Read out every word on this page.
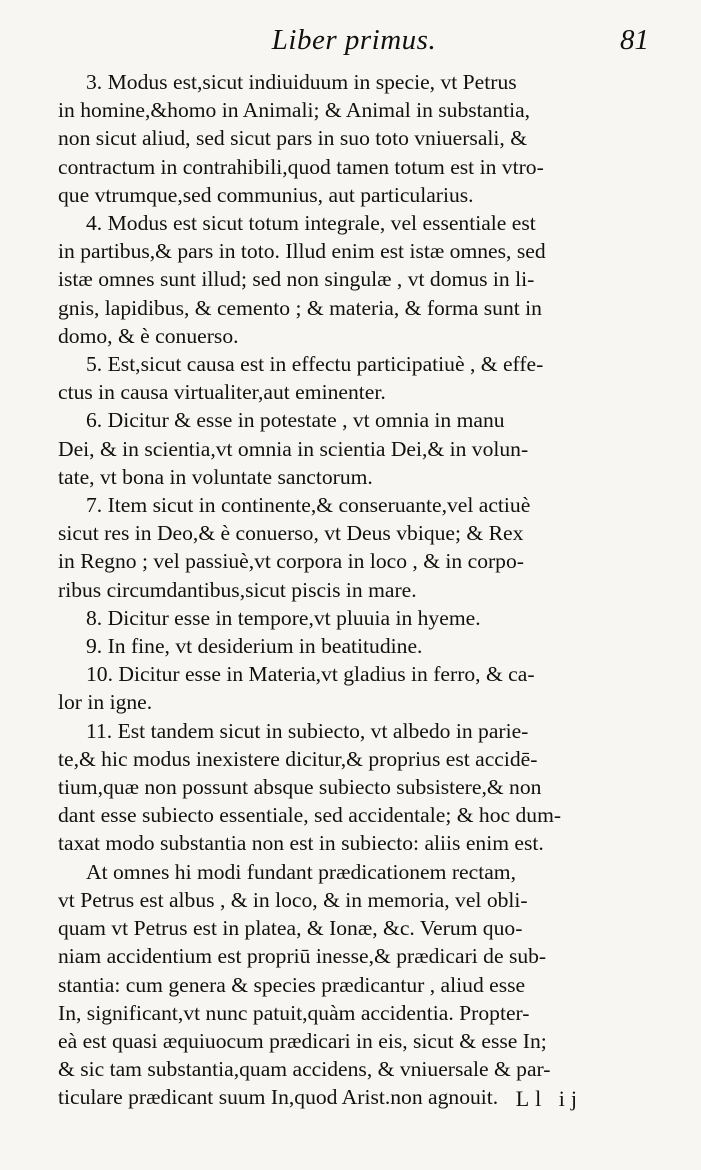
Liber primus.	81
3. Modus est,sicut indiuiduum in specie, vt Petrus
in homine,&homo in Animali; & Animal in substantia,
non sicut aliud, sed sicut pars in suo toto vniuersali, &
contractum in contrahibili,quod tamen totum est in vtro-
que vtrumque,sed communius, aut particularius.
4. Modus est sicut totum integrale, vel essentiale est
in partibus,& pars in toto. Illud enim est istæ omnes, sed
istæ omnes sunt illud; sed non singulæ , vt domus in li-
gnis, lapidibus, & cemento ; & materia, & forma sunt in
domo, & è conuerso.
5. Est,sicut causa est in effectu participatiuè , & effe-
ctus in causa virtualiter,aut eminenter.
6. Dicitur & esse in potestate , vt omnia in manu
Dei, & in scientia,vt omnia in scientia Dei,& in volun-
tate, vt bona in voluntate sanctorum.
7. Item sicut in continente,& conseruante,vel actiuè
sicut res in Deo,& è conuerso, vt Deus vbique; & Rex
in Regno ; vel passiuè,vt corpora in loco , & in corpo-
ribus circumdantibus,sicut piscis in mare.
8. Dicitur esse in tempore,vt pluuia in hyeme.
9. In fine, vt desiderium in beatitudine.
10. Dicitur esse in Materia,vt gladius in ferro, & ca-
lor in igne.
11. Est tandem sicut in subiecto, vt albedo in parie-
te,& hic modus inexistere dicitur,& proprius est accidē-
tium,quæ non possunt absque subiecto subsistere,& non
dant esse subiecto essentiale, sed accidentale; & hoc dum-
taxat modo substantia non est in subiecto: aliis enim est.
At omnes hi modi fundant prædicationem rectam,
vt Petrus est albus , & in loco, & in memoria, vel obli-
quam vt Petrus est in platea, & Ionæ, &c. Verum quo-
niam accidentium est propriū inesse,& prædicari de sub-
stantia: cum genera & species prædicantur , aliud esse
In, significant,vt nunc patuit,quàm accidentia. Propter-
eà est quasi æquiuocum prædicari in eis, sicut & esse In;
& sic tam substantia,quam accidens, & vniuersale & par-
ticulare prædicant suum In,quod Arist.non agnouit. Ll ij
